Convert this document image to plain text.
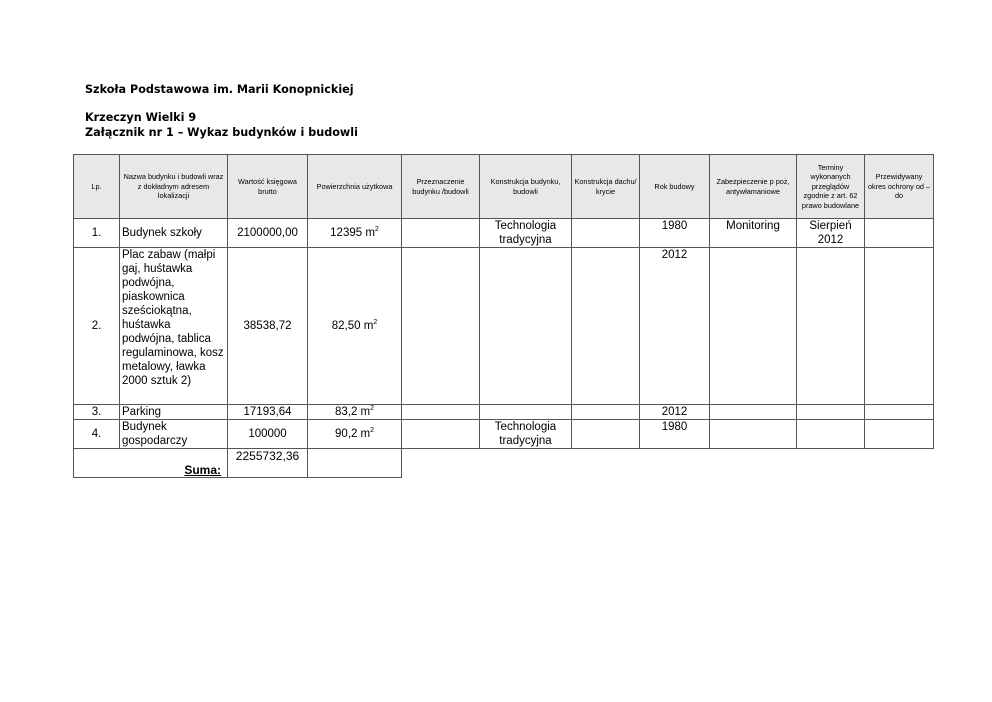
Szkoła Podstawowa im. Marii Konopnickiej
Krzeczyn Wielki 9
Załącznik nr 1 – Wykaz budynków i budowli
Lp.	Nazwa budynku i budowli wraz z dokładnym adresem lokalizacji	Wartość księgowa brutto	Powierzchnia użytkowa	Przeznaczenie budynku /budowli	Konstrukcja budynku, budowli	Konstrukcja dachu/ krycie	Rok budowy	Zabezpieczenie p poż, antywłamaniowe	Terminy wykonanych przeglądów zgodnie z art. 62 prawo budowlane	Przewidywany okres ochrony od – do
1.	Budynek szkoły	2100000,00	12395 $m^2$		Technologia tradycyjna		1980	Monitoring	Sierpień 2012	
2.	Plac zabaw (małpi gaj, huśtawka podwójna, piaskownica sześciokątna, huśtawka podwójna, tablica regulaminowa, kosz metalowy, ławka 2000 sztuk 2)	38538,72	82,50 $m^2$				2012			
3.	Parking	17193,64	83,2 $m^2$				2012			
4.	Budynek gospodarczy	100000	90,2 $m^2$		Technologia tradycyjna		1980			
Suma:		2255732,36								
